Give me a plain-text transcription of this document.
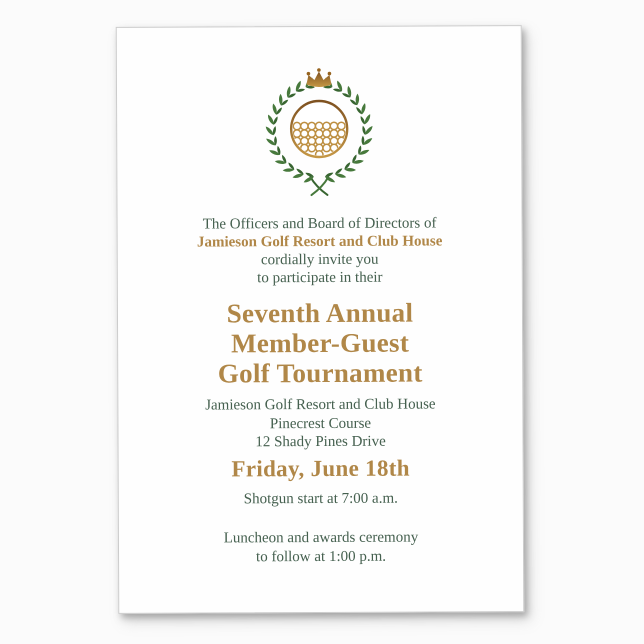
The Officers and Board of Directors of
Jamieson Golf Resort and Club House
cordially invite you
to participate in their

Seventh Annual
Member-Guest
Golf Tournament

Jamieson Golf Resort and Club House
Pinecrest Course
12 Shady Pines Drive

Friday, June 18th

Shotgun start at 7:00 a.m.

Luncheon and awards ceremony
to follow at 1:00 p.m.
